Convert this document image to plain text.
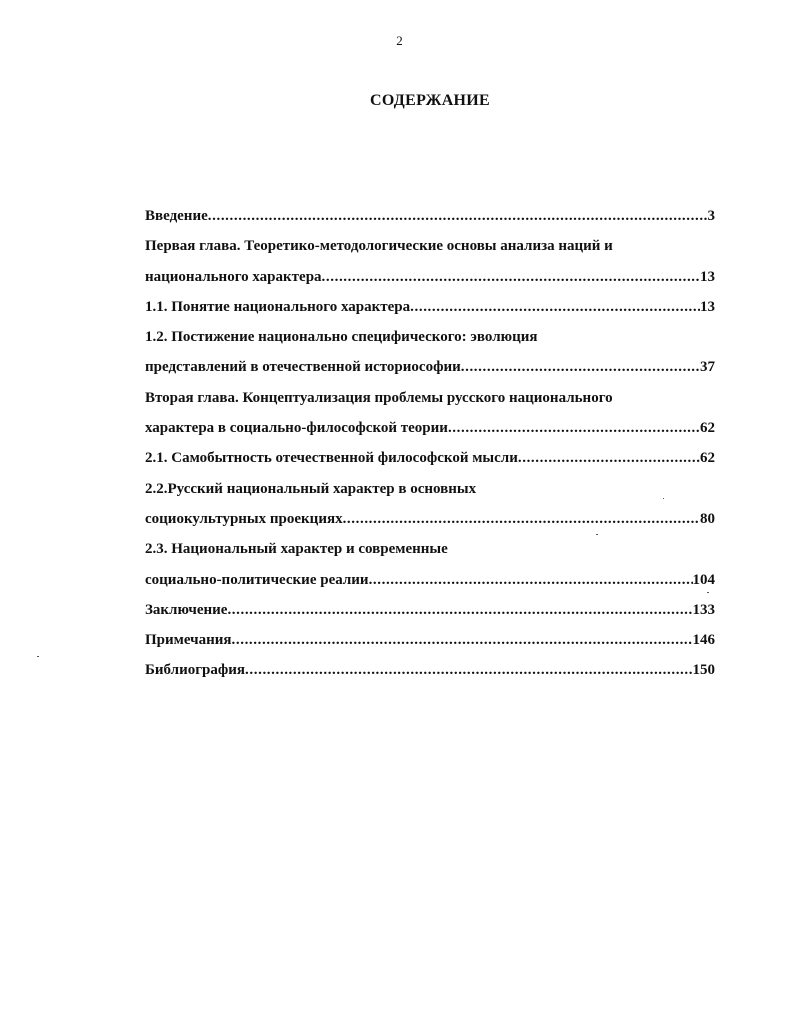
2
СОДЕРЖАНИЕ
Введение .....	3
Первая глава. Теоретико-методологические основы анализа наций и
национального характера .....	13
1.1. Понятие национального характера .....	13
1.2. Постижение национально специфического: эволюция
представлений в отечественной историософии .....	37
Вторая глава. Концептуализация проблемы русского национального
характера в социально-философской теории .....	62
2.1. Самобытность отечественной философской мысли .....	62
2.2.Русский национальный характер в основных
социокультурных проекциях .....	80
2.3. Национальный характер и современные
социально-политические реалии .....	104
Заключение .....	133
Примечания .....	146
Библиография .....	150
